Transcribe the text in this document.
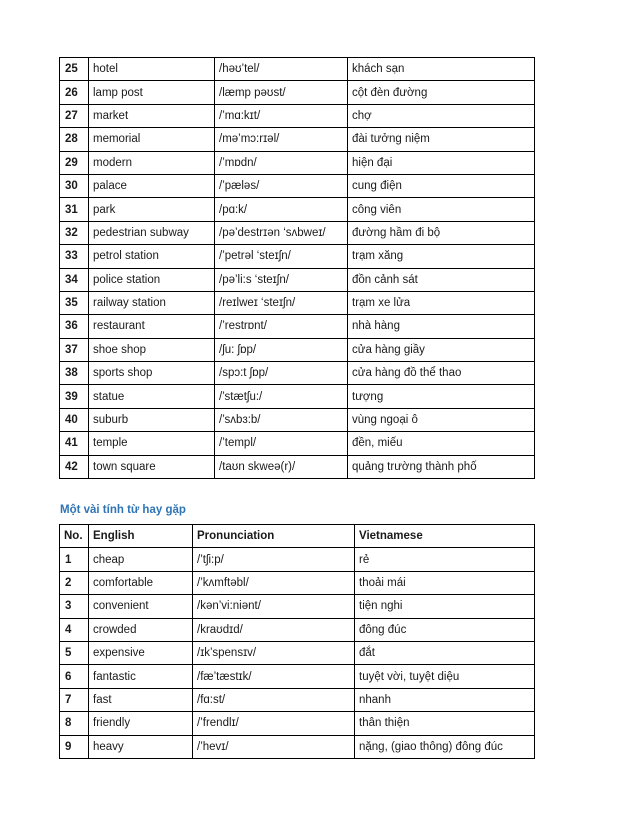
25	hotel	/həʊ’tel/	khách sạn
26	lamp post	/læmp pəʊst/	cột đèn đường
27	market	/’mɑ:kɪt/	chợ
28	memorial	/mə’mɔ:rɪəl/	đài tưởng niệm
29	modern	/’mɒdn/	hiện đại
30	palace	/’pæləs/	cung điện
31	park	/pɑ:k/	công viên
32	pedestrian subway	/pə’destrɪən ‘sʌbweɪ/	đường hầm đi bộ
33	petrol station	/’petrəl ‘steɪʃn/	trạm xăng
34	police station	/pə’li:s ‘steɪʃn/	đồn cảnh sát
35	railway station	/reɪlweɪ ‘steɪʃn/	trạm xe lửa
36	restaurant	/’restrɒnt/	nhà hàng
37	shoe shop	/ʃu: ʃɒp/	cửa hàng giầy
38	sports shop	/spɔ:t ʃɒp/	cửa hàng đồ thể thao
39	statue	/’stætʃu:/	tượng
40	suburb	/’sʌbɜ:b/	vùng ngoại ô
41	temple	/’templ/	đền, miếu
42	town square	/taʊn skweə(r)/	quảng trường thành phố
Một vài tính từ hay gặp
No.	English	Pronunciation	Vietnamese
1	cheap	/’tʃi:p/	rẻ
2	comfortable	/’kʌmftəbl/	thoải mái
3	convenient	/kən’vi:niənt/	tiện nghi
4	crowded	/kraʊdɪd/	đông đúc
5	expensive	/ɪk’spensɪv/	đắt
6	fantastic	/fæ’tæstɪk/	tuyệt vời, tuyệt diệu
7	fast	/fɑ:st/	nhanh
8	friendly	/’frendlɪ/	thân thiện
9	heavy	/’hevɪ/	nặng, (giao thông) đông đúc
